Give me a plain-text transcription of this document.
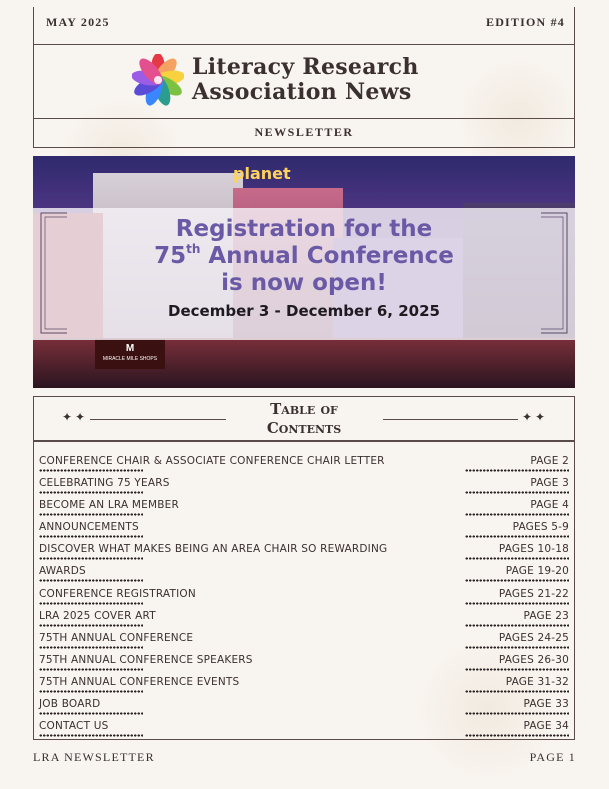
MAY 2025	EDITION #4
Literacy Research
Association News
NEWSLETTER
planet
M
MIRACLE MILE SHOPS
Registration for the
75th Annual Conference
is now open!
December 3 - December 6, 2025
✦ ✦	Table of
Contents
✦ ✦
CONFERENCE CHAIR & ASSOCIATE CONFERENCE CHAIR LETTER	PAGE 2
CELEBRATING 75 YEARS	PAGE 3
BECOME AN LRA MEMBER	PAGE 4
ANNOUNCEMENTS	PAGES 5-9
DISCOVER WHAT MAKES BEING AN AREA CHAIR SO REWARDING	PAGES 10-18
AWARDS	PAGE 19-20
CONFERENCE REGISTRATION	PAGES 21-22
LRA 2025 COVER ART	PAGE 23
75TH ANNUAL CONFERENCE	PAGES 24-25
75TH ANNUAL CONFERENCE SPEAKERS	PAGES 26-30
75TH ANNUAL CONFERENCE EVENTS	PAGE 31-32
JOB BOARD	PAGE 33
CONTACT US	PAGE 34
LRA NEWSLETTER	PAGE 1
